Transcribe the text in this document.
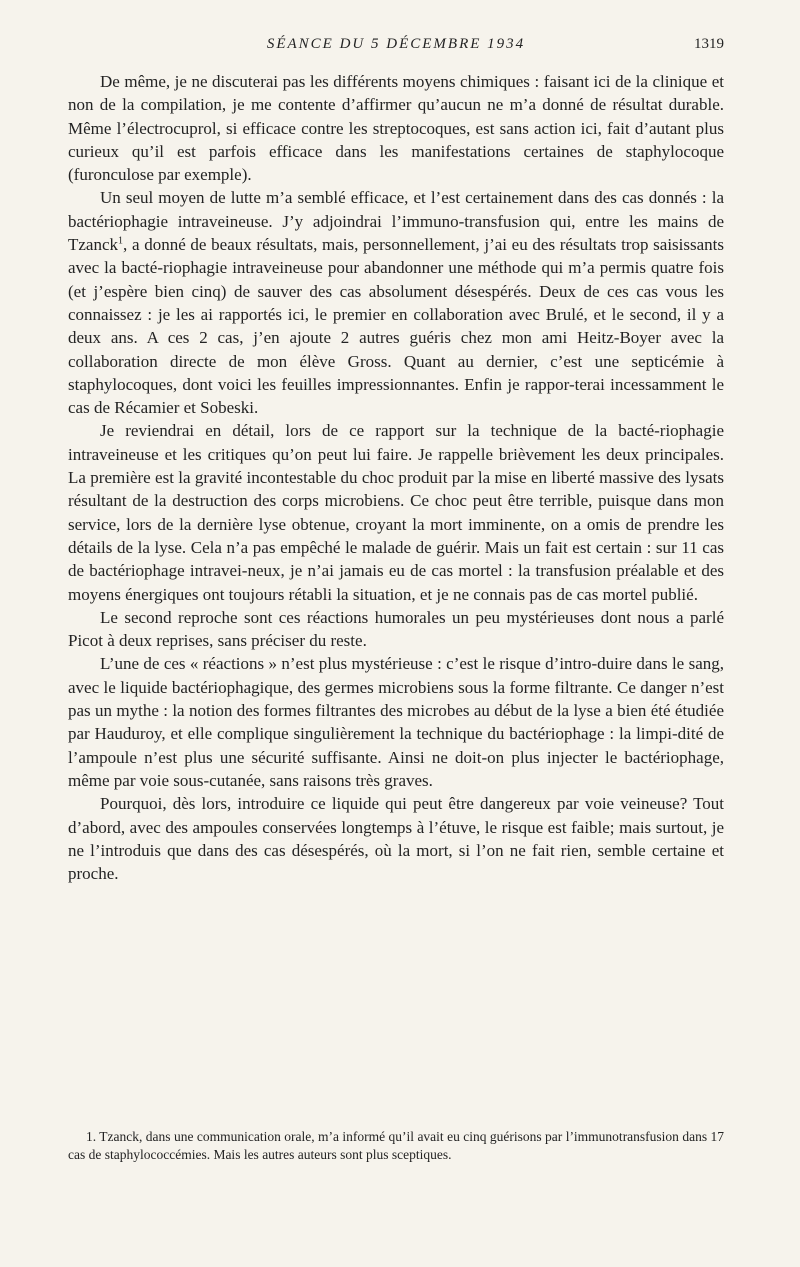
SÉANCE DU 5 DÉCEMBRE 1934	1319

De même, je ne discuterai pas les différents moyens chimiques : faisant ici de la clinique et non de la compilation, je me contente d’affirmer qu’aucun ne m’a donné de résultat durable. Même l’électrocuprol, si efficace contre les streptocoques, est sans action ici, fait d’autant plus curieux qu’il est parfois efficace dans les manifestations certaines de staphylocoque (furonculose par exemple).

Un seul moyen de lutte m’a semblé efficace, et l’est certainement dans des cas donnés : la bactériophagie intraveineuse. J’y adjoindrai l’immuno-transfusion qui, entre les mains de Tzanck$^1$, a donné de beaux résultats, mais, personnellement, j’ai eu des résultats trop saisissants avec la bacté-riophagie intraveineuse pour abandonner une méthode qui m’a permis quatre fois (et j’espère bien cinq) de sauver des cas absolument désespérés. Deux de ces cas vous les connaissez : je les ai rapportés ici, le premier en collaboration avec Brulé, et le second, il y a deux ans. A ces 2 cas, j’en ajoute 2 autres guéris chez mon ami Heitz-Boyer avec la collaboration directe de mon élève Gross. Quant au dernier, c’est une septicémie à staphylocoques, dont voici les feuilles impressionnantes. Enfin je rappor-terai incessamment le cas de Récamier et Sobeski.

Je reviendrai en détail, lors de ce rapport sur la technique de la bacté-riophagie intraveineuse et les critiques qu’on peut lui faire. Je rappelle brièvement les deux principales. La première est la gravité incontestable du choc produit par la mise en liberté massive des lysats résultant de la destruction des corps microbiens. Ce choc peut être terrible, puisque dans mon service, lors de la dernière lyse obtenue, croyant la mort imminente, on a omis de prendre les détails de la lyse. Cela n’a pas empêché le malade de guérir. Mais un fait est certain : sur 11 cas de bactériophage intravei-neux, je n’ai jamais eu de cas mortel : la transfusion préalable et des moyens énergiques ont toujours rétabli la situation, et je ne connais pas de cas mortel publié.

Le second reproche sont ces réactions humorales un peu mystérieuses dont nous a parlé Picot à deux reprises, sans préciser du reste.

L’une de ces « réactions » n’est plus mystérieuse : c’est le risque d’intro-duire dans le sang, avec le liquide bactériophagique, des germes microbiens sous la forme filtrante. Ce danger n’est pas un mythe : la notion des formes filtrantes des microbes au début de la lyse a bien été étudiée par Hauduroy, et elle complique singulièrement la technique du bactériophage : la limpi-dité de l’ampoule n’est plus une sécurité suffisante. Ainsi ne doit-on plus injecter le bactériophage, même par voie sous-cutanée, sans raisons très graves.

Pourquoi, dès lors, introduire ce liquide qui peut être dangereux par voie veineuse? Tout d’abord, avec des ampoules conservées longtemps à l’étuve, le risque est faible; mais surtout, je ne l’introduis que dans des cas désespérés, où la mort, si l’on ne fait rien, semble certaine et proche.

1. Tzanck, dans une communication orale, m’a informé qu’il avait eu cinq guérisons par l’immunotransfusion dans 17 cas de staphylococcémies. Mais les autres auteurs sont plus sceptiques.
